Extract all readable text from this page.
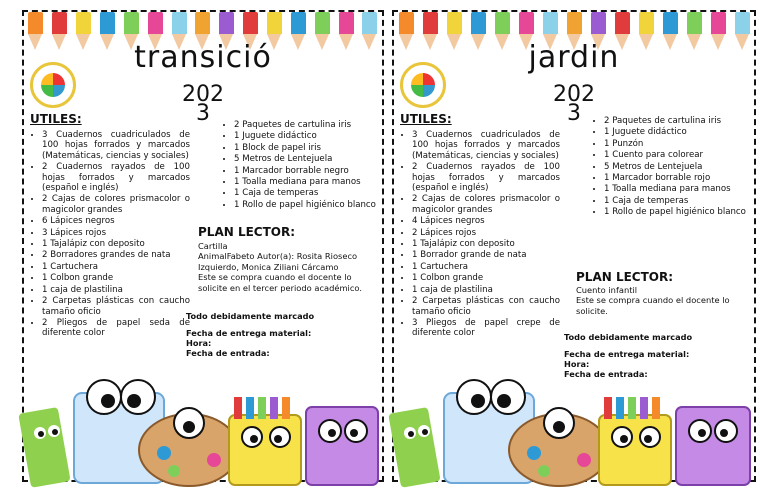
transició
202
3
UTILES:
• 3 Cuadernos cuadriculados de 100 hojas forrados y marcados (Matemáticas, ciencias y sociales)
• 2 Cuadernos rayados de 100 hojas forrados y marcados (español e inglés)
• 2 Cajas de colores prismacolor o magicolor grandes
• 6 Lápices negros
• 3 Lápices rojos
• 1 Tajalápiz con deposito
• 2 Borradores grandes de nata
• 1 Cartuchera
• 1 Colbon grande
• 1 caja de plastilina
• 2 Carpetas plásticas con caucho tamaño oficio
• 2 Pliegos de papel seda de diferente color
• 2 Paquetes de cartulina iris
• 1 Juguete didáctico
• 1 Block de papel iris
• 5 Metros de Lentejuela
• 1 Marcador borrable negro
• 1 Toalla mediana para manos
• 1 Caja de temperas
• 1 Rollo de papel higiénico blanco
PLAN LECTOR:
Cartilla
AnimalFabeto Autor(a): Rosita Rioseco
Izquierdo, Monica Ziliani Cárcamo
Este se compra cuando el docente lo
solicite en el tercer periodo académico.
Todo debidamente marcado
Fecha de entrega material:
Hora:
Fecha de entrada:
jardin
202
3
UTILES:
• 3 Cuadernos cuadriculados de 100 hojas forrados y marcados (Matemáticas, ciencias y sociales)
• 2 Cuadernos rayados de 100 hojas forrados y marcados (español e inglés)
• 2 Cajas de colores prismacolor o magicolor grandes
• 4 Lápices negros
• 2 Lápices rojos
• 1 Tajalápiz con deposito
• 1 Borrador grande de nata
• 1 Cartuchera
• 1 Colbon grande
• 1 caja de plastilina
• 2 Carpetas plásticas con caucho tamaño oficio
• 3 Pliegos de papel crepe de diferente color
• 2 Paquetes de cartulina iris
• 1 Juguete didáctico
• 1 Punzón
• 1 Cuento para colorear
• 5 Metros de Lentejuela
• 1 Marcador borrable rojo
• 1 Toalla mediana para manos
• 1 Caja de temperas
• 1 Rollo de papel higiénico blanco
PLAN LECTOR:
Cuento infantil
Este se compra cuando el docente lo
solicite.
Todo debidamente marcado
Fecha de entrega material:
Hora:
Fecha de entrada:
